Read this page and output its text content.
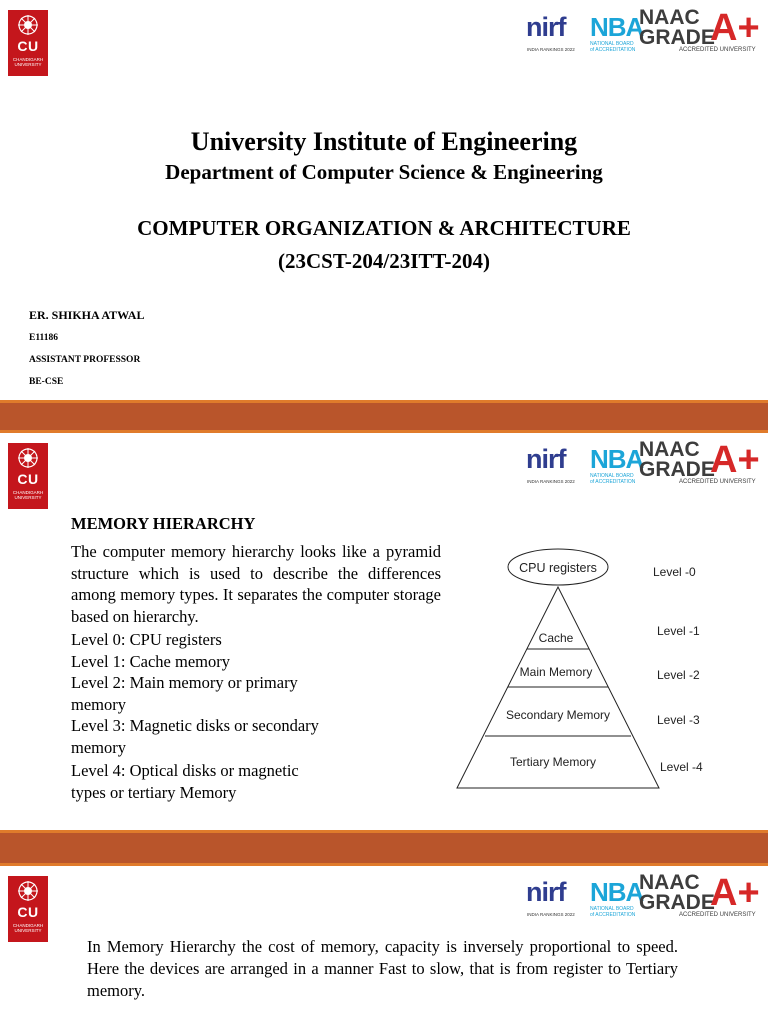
CU
CHANDIGARH UNIVERSITY
nirf
INDIA RANKINGS 2022
NBA
NATIONAL BOARD of ACCREDITATION
NAAC
GRADE
A+
ACCREDITED UNIVERSITY
University Institute of Engineering
Department of Computer Science & Engineering
COMPUTER ORGANIZATION & ARCHITECTURE
(23CST-204/23ITT-204)
ER. SHIKHA ATWAL
E11186
ASSISTANT PROFESSOR
BE-CSE
CU
CHANDIGARH UNIVERSITY
nirf
INDIA RANKINGS 2022
NBA
NATIONAL BOARD of ACCREDITATION
NAAC
GRADE
A+
ACCREDITED UNIVERSITY
MEMORY HIERARCHY
The computer memory hierarchy looks like a pyramid structure which is used to describe the differences among memory types. It separates the computer storage based on hierarchy.
Level 0: CPU registers
Level 1: Cache memory
Level 2: Main memory or primary memory
Level 3: Magnetic disks or secondary memory
Level 4: Optical disks or magnetic types or tertiary Memory
CPU registers
Cache
Main Memory
Secondary Memory
Tertiary Memory
Level -0
Level -1
Level -2
Level -3
Level -4
CU
CHANDIGARH UNIVERSITY
nirf
INDIA RANKINGS 2022
NBA
NATIONAL BOARD of ACCREDITATION
NAAC
GRADE
A+
ACCREDITED UNIVERSITY
In Memory Hierarchy the cost of memory, capacity is inversely proportional to speed. Here the devices are arranged in a manner Fast to slow, that is from register to Tertiary memory.
